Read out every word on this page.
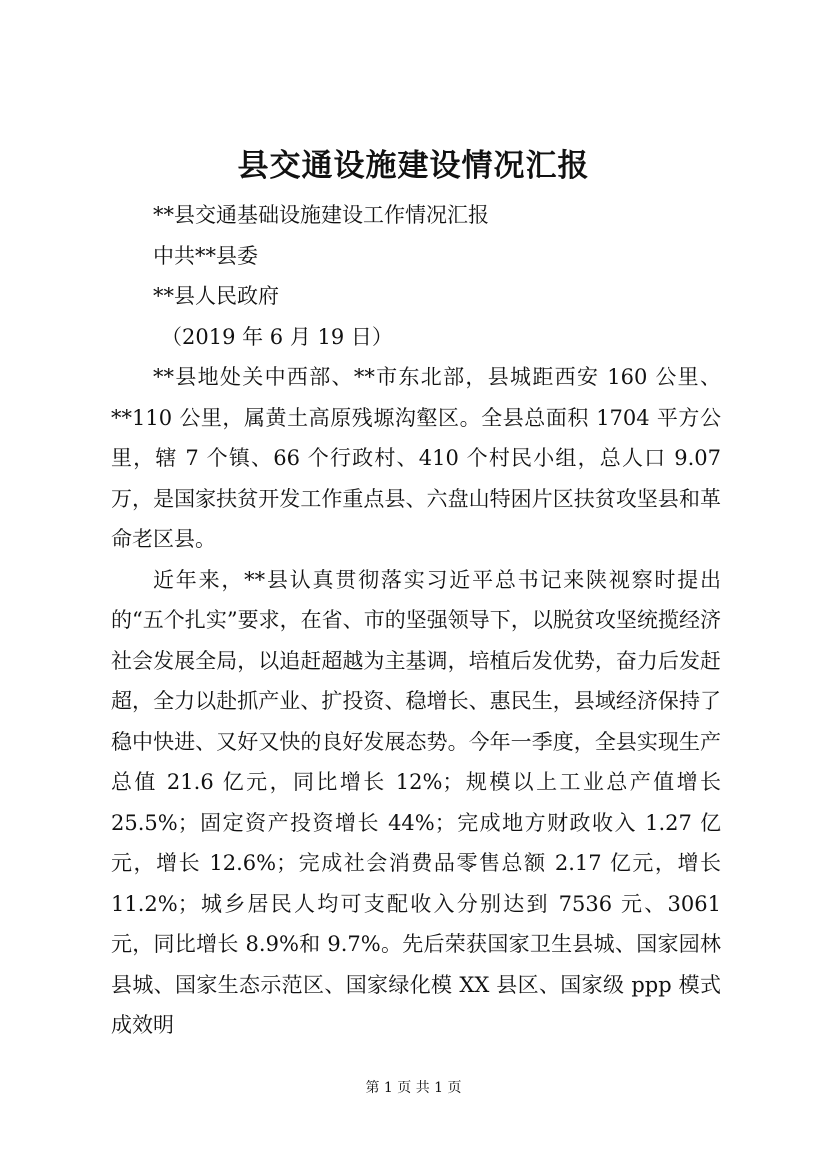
县交通设施建设情况汇报

**县交通基础设施建设工作情况汇报

中共**县委

**县人民政府

（2019 年 6 月 19 日）

**县地处关中西部、**市东北部，县城距西安 160 公里、**110 公里，属黄土高原残塬沟壑区。全县总面积 1704 平方公里，辖 7 个镇、66 个行政村、410 个村民小组，总人口 9.07 万，是国家扶贫开发工作重点县、六盘山特困片区扶贫攻坚县和革命老区县。

近年来，**县认真贯彻落实习近平总书记来陕视察时提出的“五个扎实”要求，在省、市的坚强领导下，以脱贫攻坚统揽经济社会发展全局，以追赶超越为主基调，培植后发优势，奋力后发赶超，全力以赴抓产业、扩投资、稳增长、惠民生，县域经济保持了稳中快进、又好又快的良好发展态势。今年一季度，全县实现生产总值 21.6 亿元，同比增长 12%；规模以上工业总产值增长 25.5%；固定资产投资增长 44%；完成地方财政收入 1.27 亿元，增长 12.6%；完成社会消费品零售总额 2.17 亿元，增长 11.2%；城乡居民人均可支配收入分别达到 7536 元、3061 元，同比增长 8.9%和 9.7%。先后荣获国家卫生县城、国家园林县城、国家生态示范区、国家绿化模 XX 县区、国家级 ppp 模式成效明

第 1 页 共 1 页
